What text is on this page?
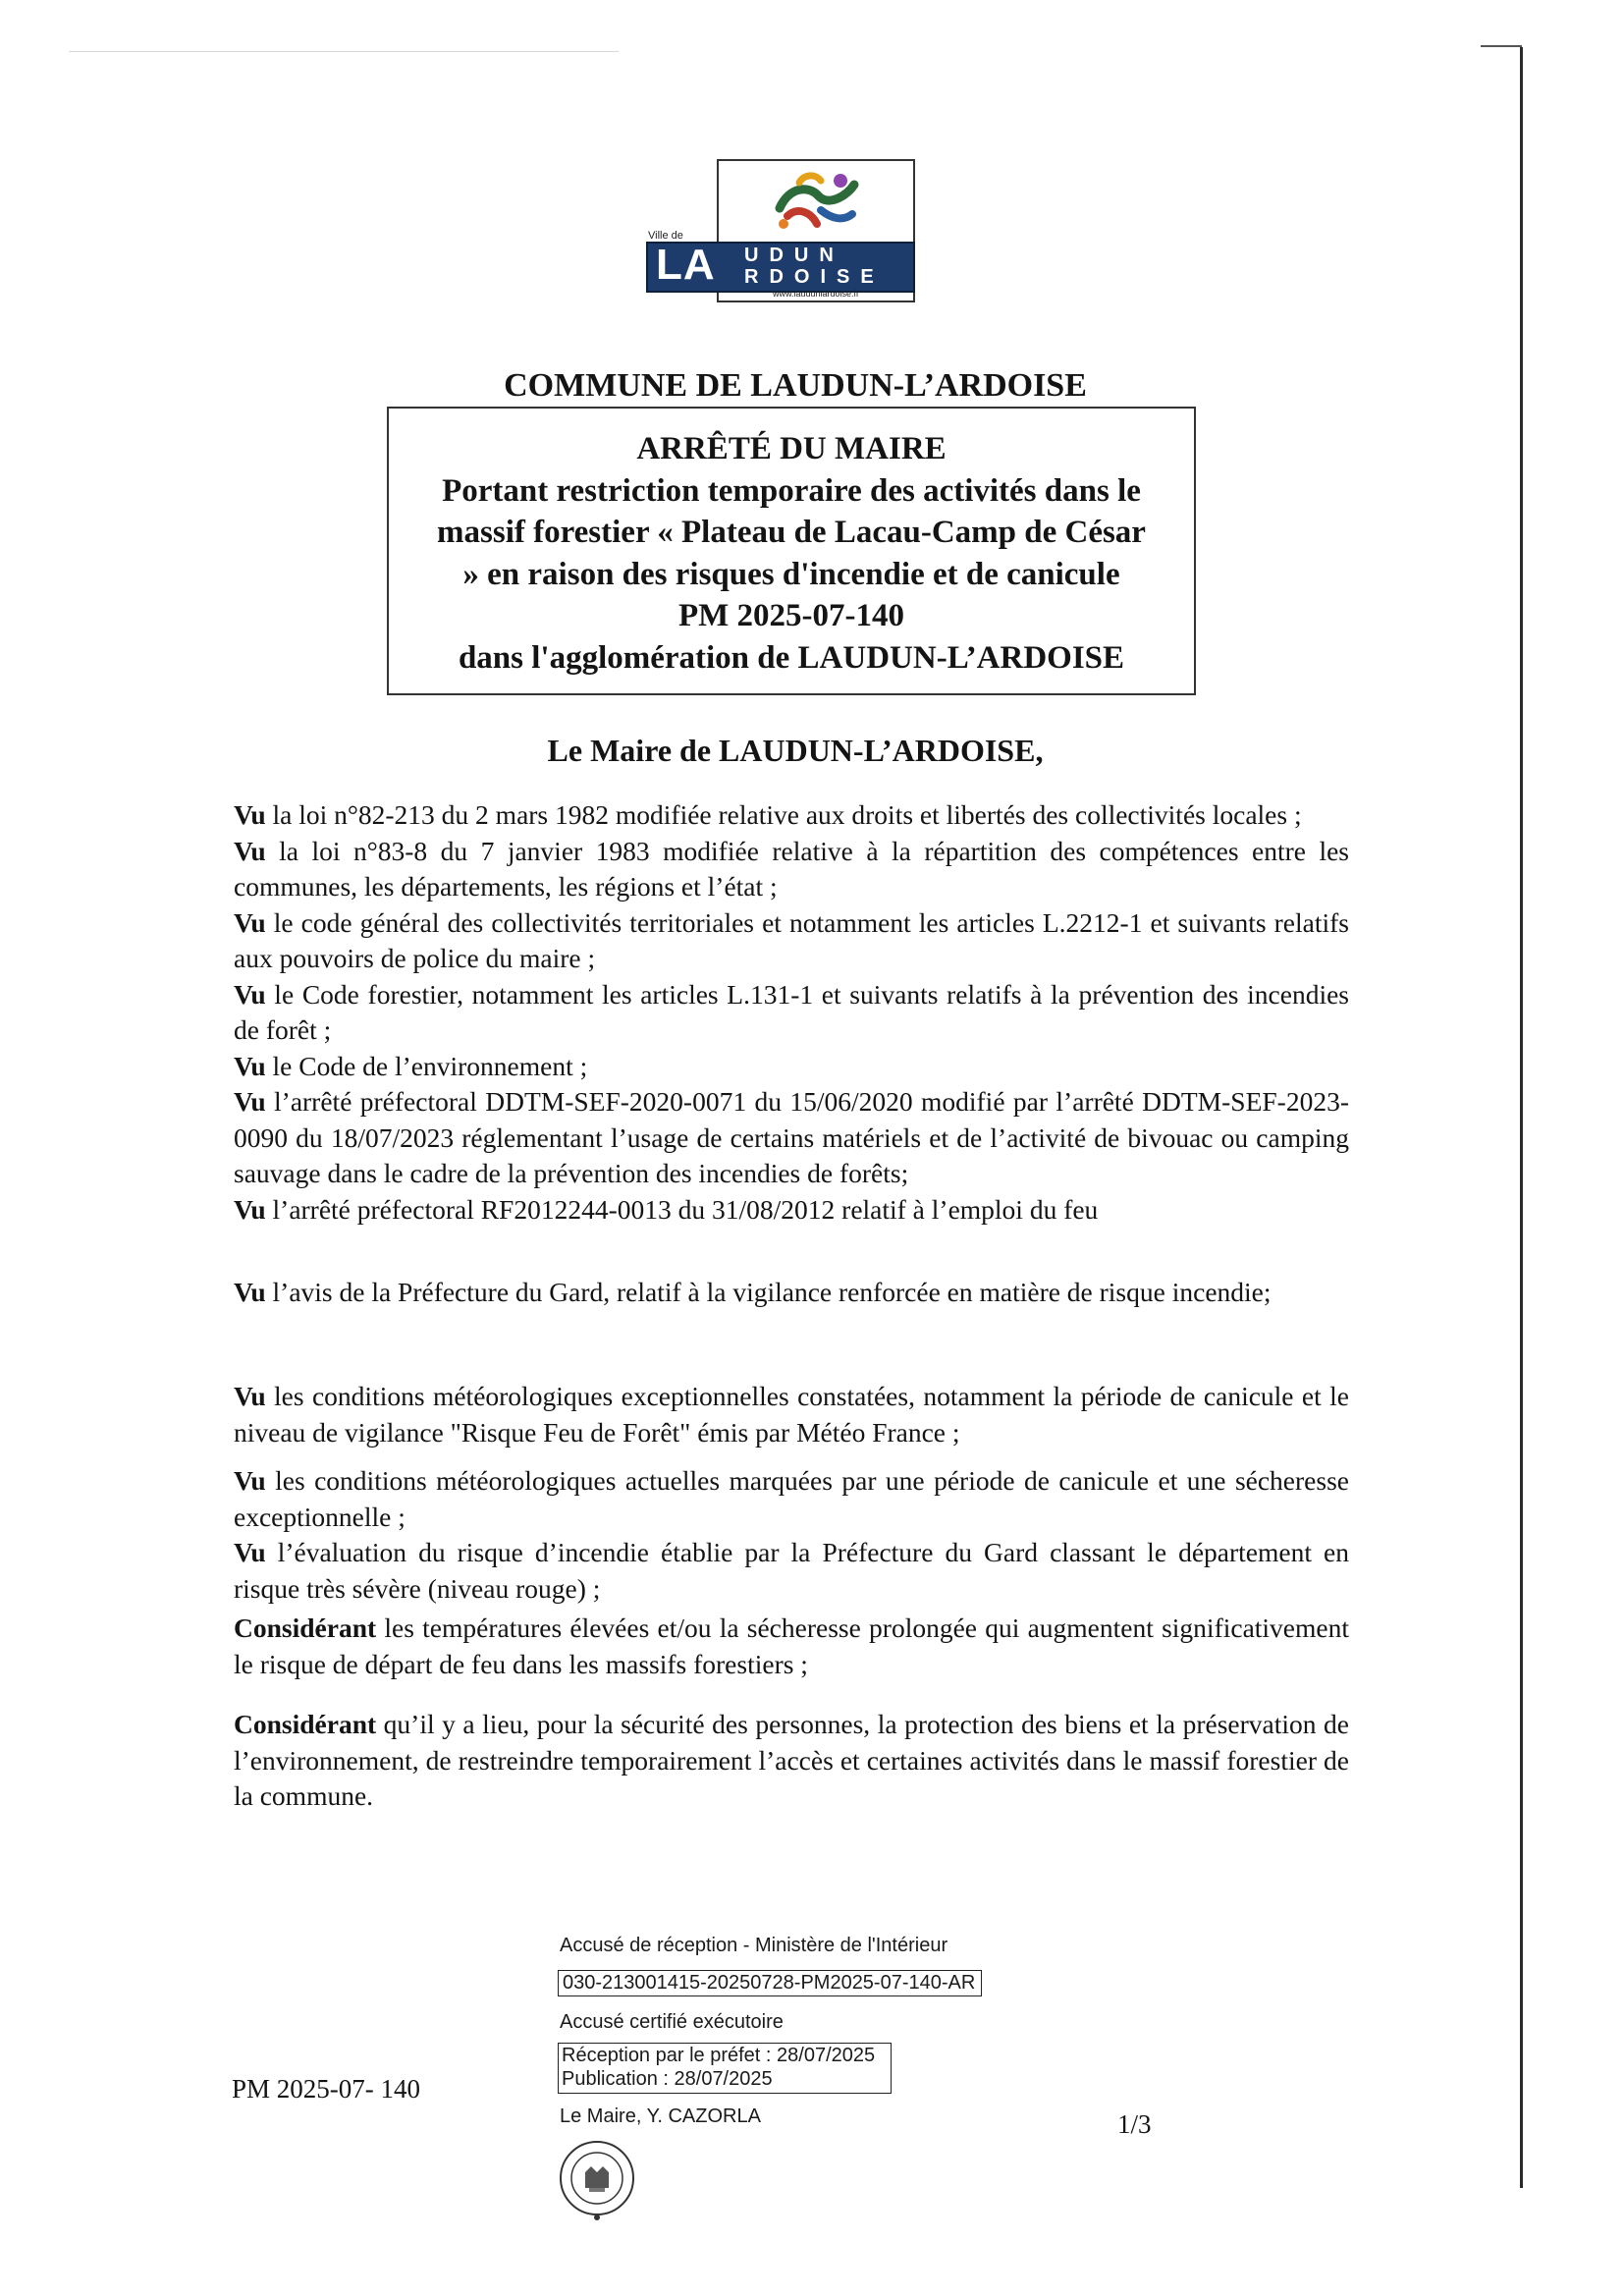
Ville de
LA UDUN
RDOISE
www.laudunlardoise.fr
COMMUNE DE LAUDUN-L’ARDOISE
ARRÊTÉ DU MAIRE
Portant restriction temporaire des activités dans le
massif forestier « Plateau de Lacau-Camp de César
» en raison des risques d'incendie et de canicule
PM 2025-07-140
dans l'agglomération de LAUDUN-L’ARDOISE
Le Maire de LAUDUN-L’ARDOISE,
Vu la loi n°82-213 du 2 mars 1982 modifiée relative aux droits et libertés des collectivités locales ;
Vu la loi n°83-8 du 7 janvier 1983 modifiée relative à la répartition des compétences entre les communes, les départements, les régions et l’état ;
Vu le code général des collectivités territoriales et notamment les articles L.2212-1 et suivants relatifs aux pouvoirs de police du maire ;
Vu le Code forestier, notamment les articles L.131-1 et suivants relatifs à la prévention des incendies de forêt ;
Vu le Code de l’environnement ;
Vu l’arrêté préfectoral DDTM-SEF-2020-0071 du 15/06/2020 modifié par l’arrêté DDTM-SEF-2023-0090 du 18/07/2023 réglementant l’usage de certains matériels et de l’activité de bivouac ou camping sauvage dans le cadre de la prévention des incendies de forêts;
Vu l’arrêté préfectoral RF2012244-0013 du 31/08/2012 relatif à l’emploi du feu
Vu l’avis de la Préfecture du Gard, relatif à la vigilance renforcée en matière de risque incendie;
Vu les conditions météorologiques exceptionnelles constatées, notamment la période de canicule et le niveau de vigilance "Risque Feu de Forêt" émis par Météo France ;
Vu les conditions météorologiques actuelles marquées par une période de canicule et une sécheresse exceptionnelle ;
Vu l’évaluation du risque d’incendie établie par la Préfecture du Gard classant le département en risque très sévère (niveau rouge) ;
Considérant les températures élevées et/ou la sécheresse prolongée qui augmentent significativement le risque de départ de feu dans les massifs forestiers ;
Considérant qu’il y a lieu, pour la sécurité des personnes, la protection des biens et la préservation de l’environnement, de restreindre temporairement l’accès et certaines activités dans le massif forestier de la commune.
PM 2025-07- 140
Accusé de réception - Ministère de l'Intérieur
030-213001415-20250728-PM2025-07-140-AR
Accusé certifié exécutoire
Réception par le préfet : 28/07/2025
Publication : 28/07/2025
Le Maire, Y. CAZORLA	1/3
